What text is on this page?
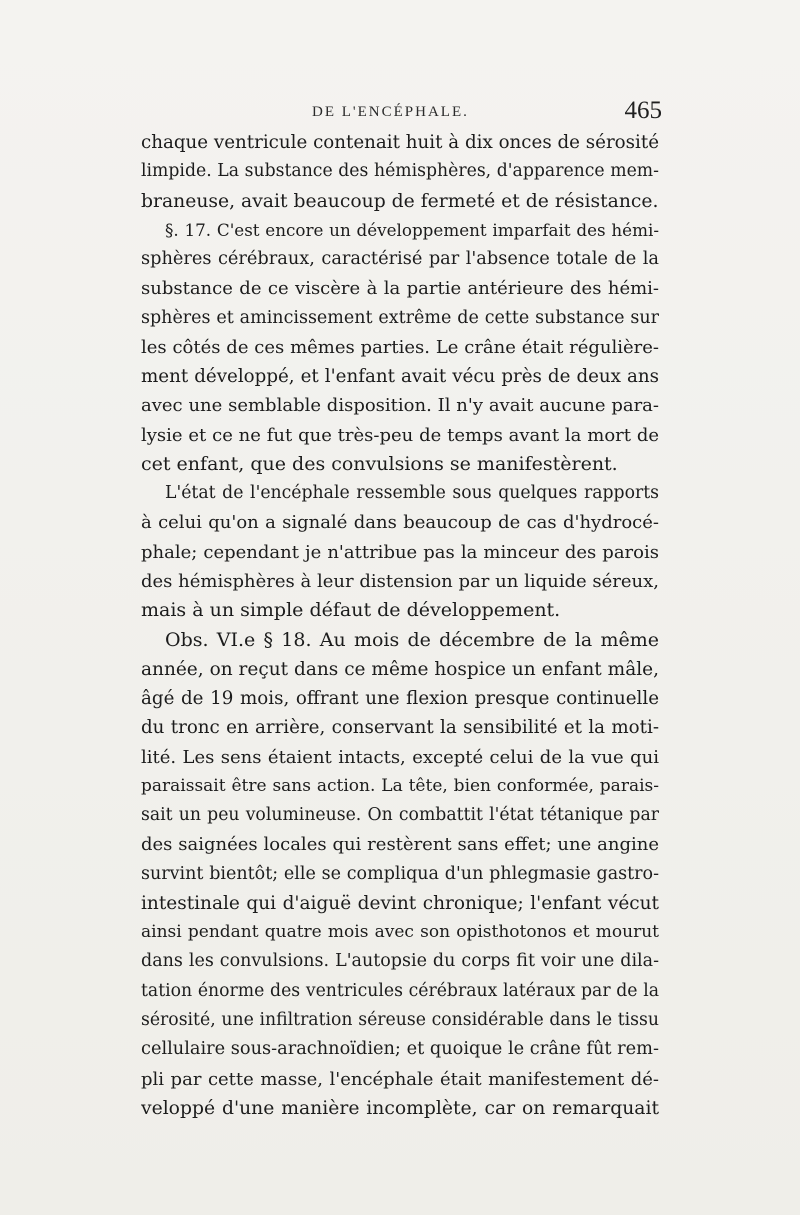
DE L'ENCÉPHALE.	465
chaque ventricule contenait huit à dix onces de sérosité
limpide. La substance des hémisphères, d'apparence mem-
braneuse, avait beaucoup de fermeté et de résistance.
§. 17. C'est encore un développement imparfait des hémi-
sphères cérébraux, caractérisé par l'absence totale de la
substance de ce viscère à la partie antérieure des hémi-
sphères et amincissement extrême de cette substance sur
les côtés de ces mêmes parties. Le crâne était régulière-
ment développé, et l'enfant avait vécu près de deux ans
avec une semblable disposition. Il n'y avait aucune para-
lysie et ce ne fut que très-peu de temps avant la mort de
cet enfant, que des convulsions se manifestèrent.
L'état de l'encéphale ressemble sous quelques rapports
à celui qu'on a signalé dans beaucoup de cas d'hydrocé-
phale; cependant je n'attribue pas la minceur des parois
des hémisphères à leur distension par un liquide séreux,
mais à un simple défaut de développement.
Obs. VI.e § 18. Au mois de décembre de la même
année, on reçut dans ce même hospice un enfant mâle,
âgé de 19 mois, offrant une flexion presque continuelle
du tronc en arrière, conservant la sensibilité et la moti-
lité. Les sens étaient intacts, excepté celui de la vue qui
paraissait être sans action. La tête, bien conformée, parais-
sait un peu volumineuse. On combattit l'état tétanique par
des saignées locales qui restèrent sans effet; une angine
survint bientôt; elle se compliqua d'un phlegmasie gastro-
intestinale qui d'aiguë devint chronique; l'enfant vécut
ainsi pendant quatre mois avec son opisthotonos et mourut
dans les convulsions. L'autopsie du corps fit voir une dila-
tation énorme des ventricules cérébraux latéraux par de la
sérosité, une infiltration séreuse considérable dans le tissu
cellulaire sous-arachnoïdien; et quoique le crâne fût rem-
pli par cette masse, l'encéphale était manifestement dé-
veloppé d'une manière incomplète, car on remarquait
